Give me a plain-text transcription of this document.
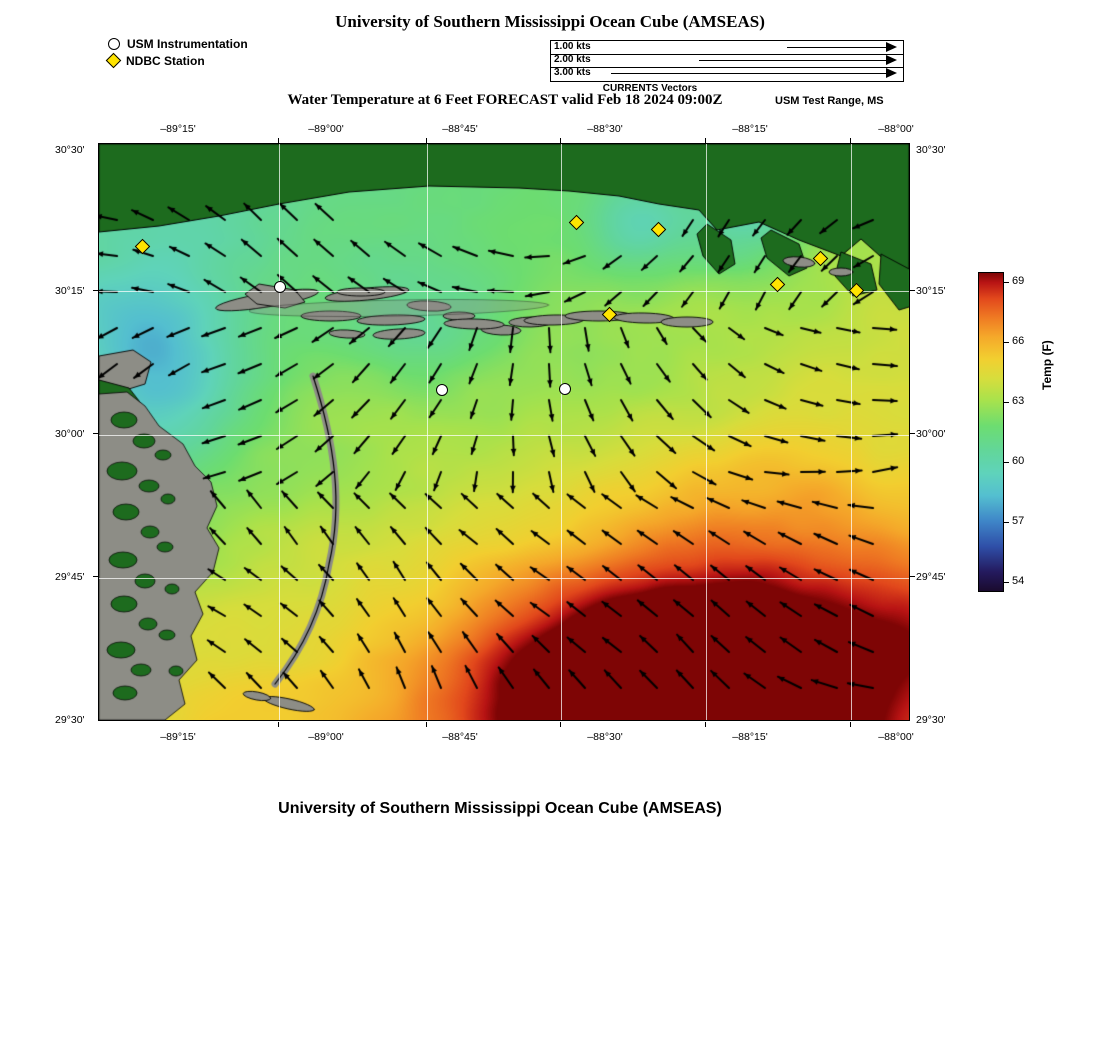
University of Southern Mississippi Ocean Cube (AMSEAS)
Water Temperature at 6 Feet FORECAST valid Feb 18 2024 09:00Z	USM Test Range, MS
University of Southern Mississippi Ocean Cube (AMSEAS)
USM Instrumentation
NDBC Station
1.00 kts
2.00 kts
3.00 kts
CURRENTS Vectors
‒89°15'	‒89°00'	‒88°45'	‒88°30'	‒88°15'	‒88°00'
‒89°15'	‒89°00'	‒88°45'	‒88°30'	‒88°15'	‒88°00'
30°30'
30°15'
30°00'
29°45'
29°30'
30°30'
30°15'
30°00'
29°45'
29°30'
69
66
63
60
57
54
Temp (F)
